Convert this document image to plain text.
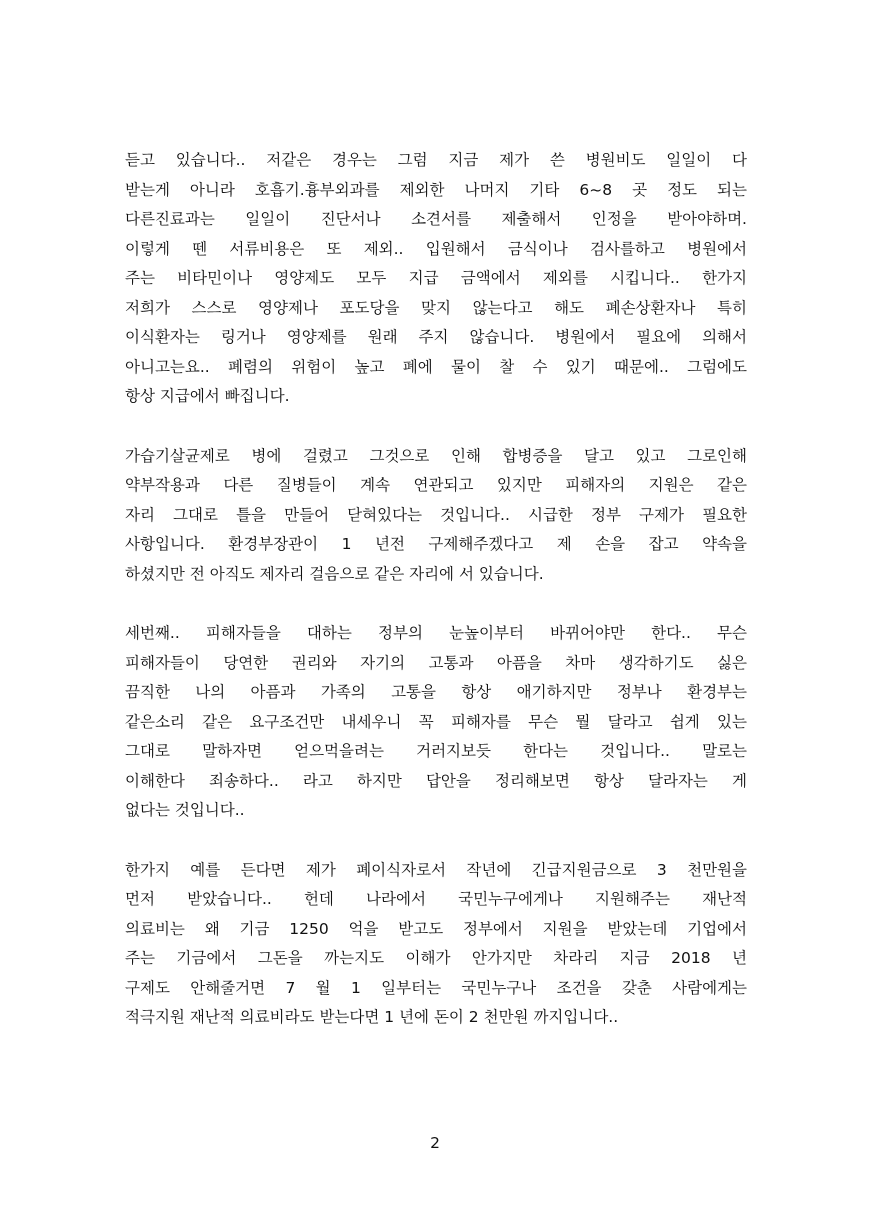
듣고 있습니다.. 저같은 경우는 그럼 지금 제가 쓴 병원비도 일일이 다
받는게 아니라 호흡기.흉부외과를 제외한 나머지 기타 6~8 곳 정도 되는
다른진료과는 일일이 진단서나 소견서를 제출해서 인정을 받아야하며.
이렇게 뗀 서류비용은 또 제외.. 입원해서 금식이나 검사를하고 병원에서
주는 비타민이나 영양제도 모두 지급 금액에서 제외를 시킵니다.. 한가지
저희가 스스로 영양제나 포도당을 맞지 않는다고 해도 폐손상환자나 특히
이식환자는 링거나 영양제를 원래 주지 않습니다. 병원에서 필요에 의해서
아니고는요.. 폐렴의 위험이 높고 폐에 물이 찰 수 있기 때문에.. 그럼에도
항상 지급에서 빠집니다.
가습기살균제로 병에 걸렸고 그것으로 인해 합병증을 달고 있고 그로인해
약부작용과 다른 질병들이 계속 연관되고 있지만 피해자의 지원은 같은
자리 그대로 틀을 만들어 닫혀있다는 것입니다.. 시급한 정부 구제가 필요한
사항입니다. 환경부장관이 1 년전 구제해주겠다고 제 손을 잡고 약속을
하셨지만 전 아직도 제자리 걸음으로 같은 자리에 서 있습니다.
세번째.. 피해자들을 대하는 정부의 눈높이부터 바뀌어야만 한다.. 무슨
피해자들이 당연한 권리와 자기의 고통과 아픔을 차마 생각하기도 싫은
끔직한 나의 아픔과 가족의 고통을 항상 애기하지만 정부나 환경부는
같은소리 같은 요구조건만 내세우니 꼭 피해자를 무슨 뭘 달라고 쉽게 있는
그대로 말하자면 얻으먹을려는 거러지보듯 한다는 것입니다.. 말로는
이해한다 죄송하다.. 라고 하지만 답안을 정리해보면 항상 달라자는 게
없다는 것입니다..
한가지 예를 든다면 제가 폐이식자로서 작년에 긴급지원금으로 3 천만원을
먼저 받았습니다.. 헌데 나라에서 국민누구에게나 지원해주는 재난적
의료비는 왜 기금 1250 억을 받고도 정부에서 지원을 받았는데 기업에서
주는 기금에서 그돈을 까는지도 이해가 안가지만 차라리 지금 2018 년
구제도 안해줄거면 7 월 1 일부터는 국민누구나 조건을 갖춘 사람에게는
적극지원 재난적 의료비라도 받는다면 1 년에 돈이 2 천만원 까지입니다..
2
